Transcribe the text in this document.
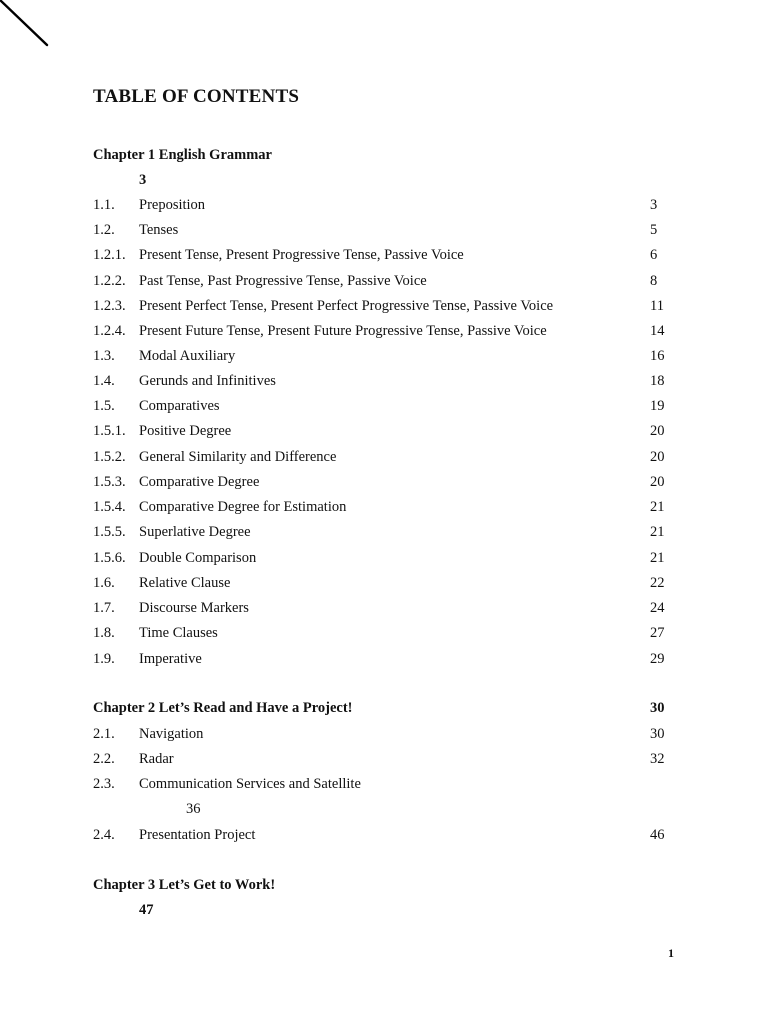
TABLE OF CONTENTS
Chapter 1 English Grammar
3
1.1. Preposition	3
1.2. Tenses	5
1.2.1. Present Tense, Present Progressive Tense, Passive Voice	6
1.2.2. Past Tense, Past Progressive Tense, Passive Voice	8
1.2.3. Present Perfect Tense, Present Perfect Progressive Tense, Passive Voice	11
1.2.4. Present Future Tense, Present Future Progressive Tense, Passive Voice	14
1.3. Modal Auxiliary	16
1.4. Gerunds and Infinitives	18
1.5. Comparatives	19
1.5.1. Positive Degree	20
1.5.2. General Similarity and Difference	20
1.5.3. Comparative Degree	20
1.5.4. Comparative Degree for Estimation	21
1.5.5. Superlative Degree	21
1.5.6. Double Comparison	21
1.6. Relative Clause	22
1.7. Discourse Markers	24
1.8. Time Clauses	27
1.9. Imperative	29
Chapter 2 Let’s Read and Have a Project!	30
2.1. Navigation	30
2.2. Radar	32
2.3. Communication Services and Satellite
36
2.4. Presentation Project	46
Chapter 3 Let’s Get to Work!
47
1
